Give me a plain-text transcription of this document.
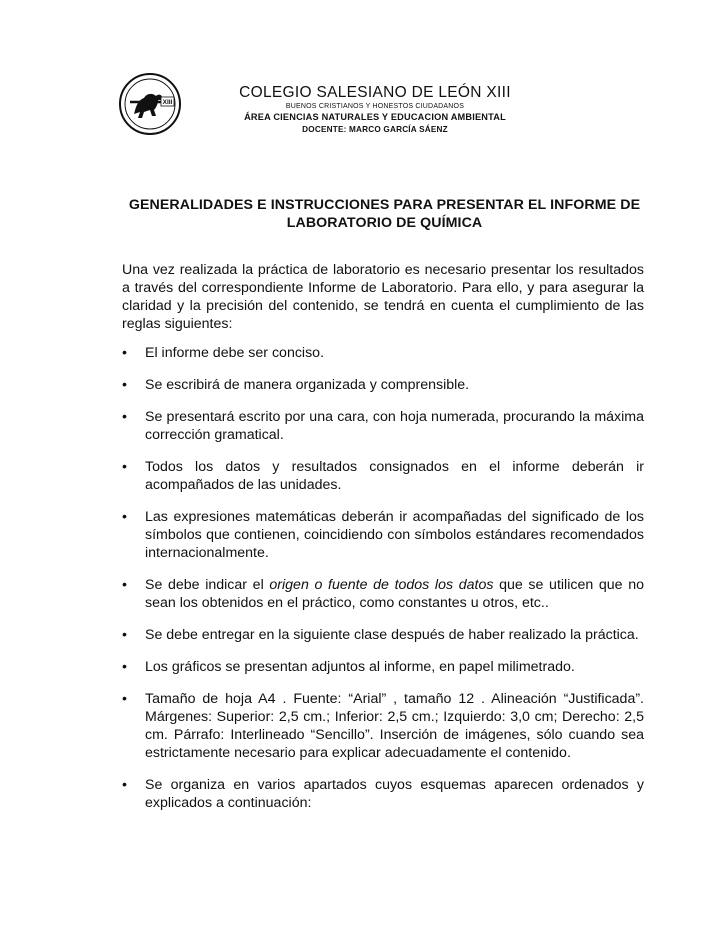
XIII
COLEGIO SALESIANO DE LEÓN XIII
BUENOS CRISTIANOS Y HONESTOS CIUDADANOS
ÁREA CIENCIAS NATURALES Y EDUCACION AMBIENTAL
DOCENTE: MARCO GARCÍA SÁENZ
GENERALIDADES E INSTRUCCIONES PARA PRESENTAR EL INFORME DE
LABORATORIO DE QUÍMICA

Una vez realizada la práctica de laboratorio es necesario presentar los resultados a través del correspondiente Informe de Laboratorio. Para ello, y para asegurar la claridad y la precisión del contenido, se tendrá en cuenta el cumplimiento de las reglas siguientes:

•	El informe debe ser conciso.
•	Se escribirá de manera organizada y comprensible.
•	Se presentará escrito por una cara, con hoja numerada, procurando la máxima corrección gramatical.
•	Todos los datos y resultados consignados en el informe deberán ir acompañados de las unidades.
•	Las expresiones matemáticas deberán ir acompañadas del significado de los símbolos que contienen, coincidiendo con símbolos estándares recomendados internacionalmente.
•	Se debe indicar el origen o fuente de todos los datos que se utilicen que no sean los obtenidos en el práctico, como constantes u otros, etc..
•	Se debe entregar en la siguiente clase después de haber realizado la práctica.
•	Los gráficos se presentan adjuntos al informe, en papel milimetrado.
•	Tamaño de hoja A4 . Fuente: “Arial” , tamaño 12 . Alineación “Justificada”. Márgenes: Superior: 2,5 cm.; Inferior: 2,5 cm.; Izquierdo: 3,0 cm; Derecho: 2,5 cm. Párrafo: Interlineado “Sencillo”. Inserción de imágenes, sólo cuando sea estrictamente necesario para explicar adecuadamente el contenido.
•	Se organiza en varios apartados cuyos esquemas aparecen ordenados y explicados a continuación:
